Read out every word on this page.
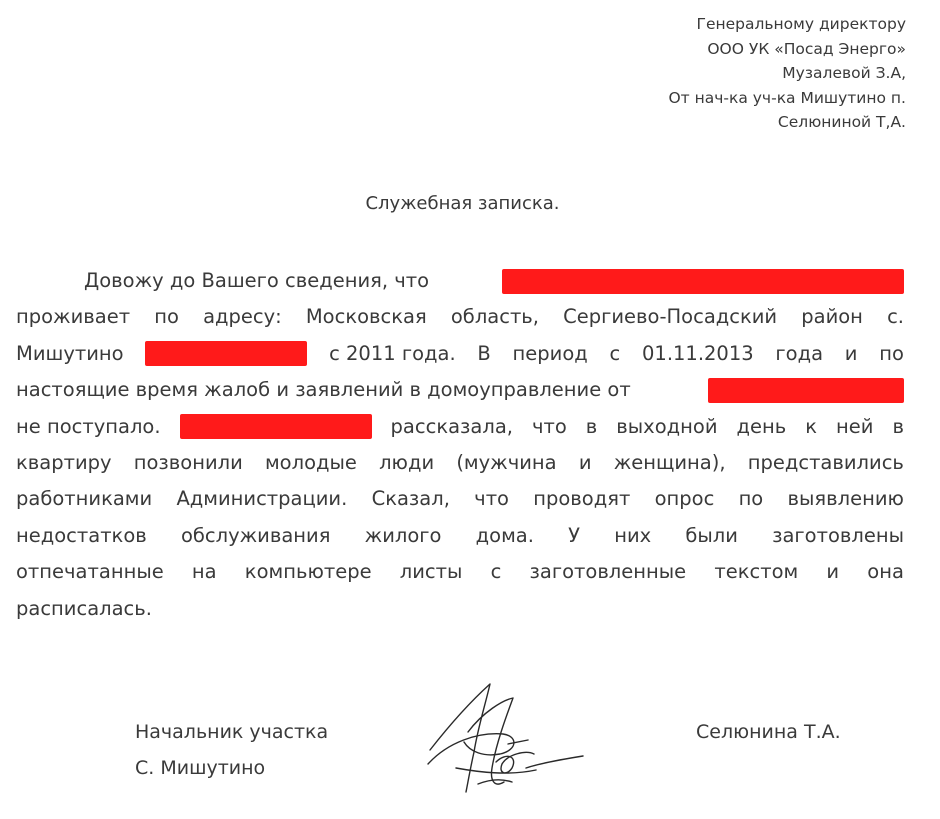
Генеральному директору
ООО УК «Посад Энерго»
Музалевой З.А,
От нач-ка уч-ка Мишутино п.
Селюниной Т,А.
Служебная записка.
Довожу до Вашего сведения, что
проживает по адресу: Московская область, Сергиево-Посадский район с.
Мишутино	с 2011 года. В период с 01.11.2013 года и по
настоящие время жалоб и заявлений в домоуправление от
не поступало.	рассказала, что в выходной день к ней в
квартиру позвонили молодые люди (мужчина и женщина), представились
работниками Администрации. Сказал, что проводят опрос по выявлению
недостатков обслуживания жилого дома. У них были заготовлены
отпечатанные на компьютере листы с заготовленные текстом и она
расписалась.
Начальник участка
С. Мишутино
Селюнина Т.А.
